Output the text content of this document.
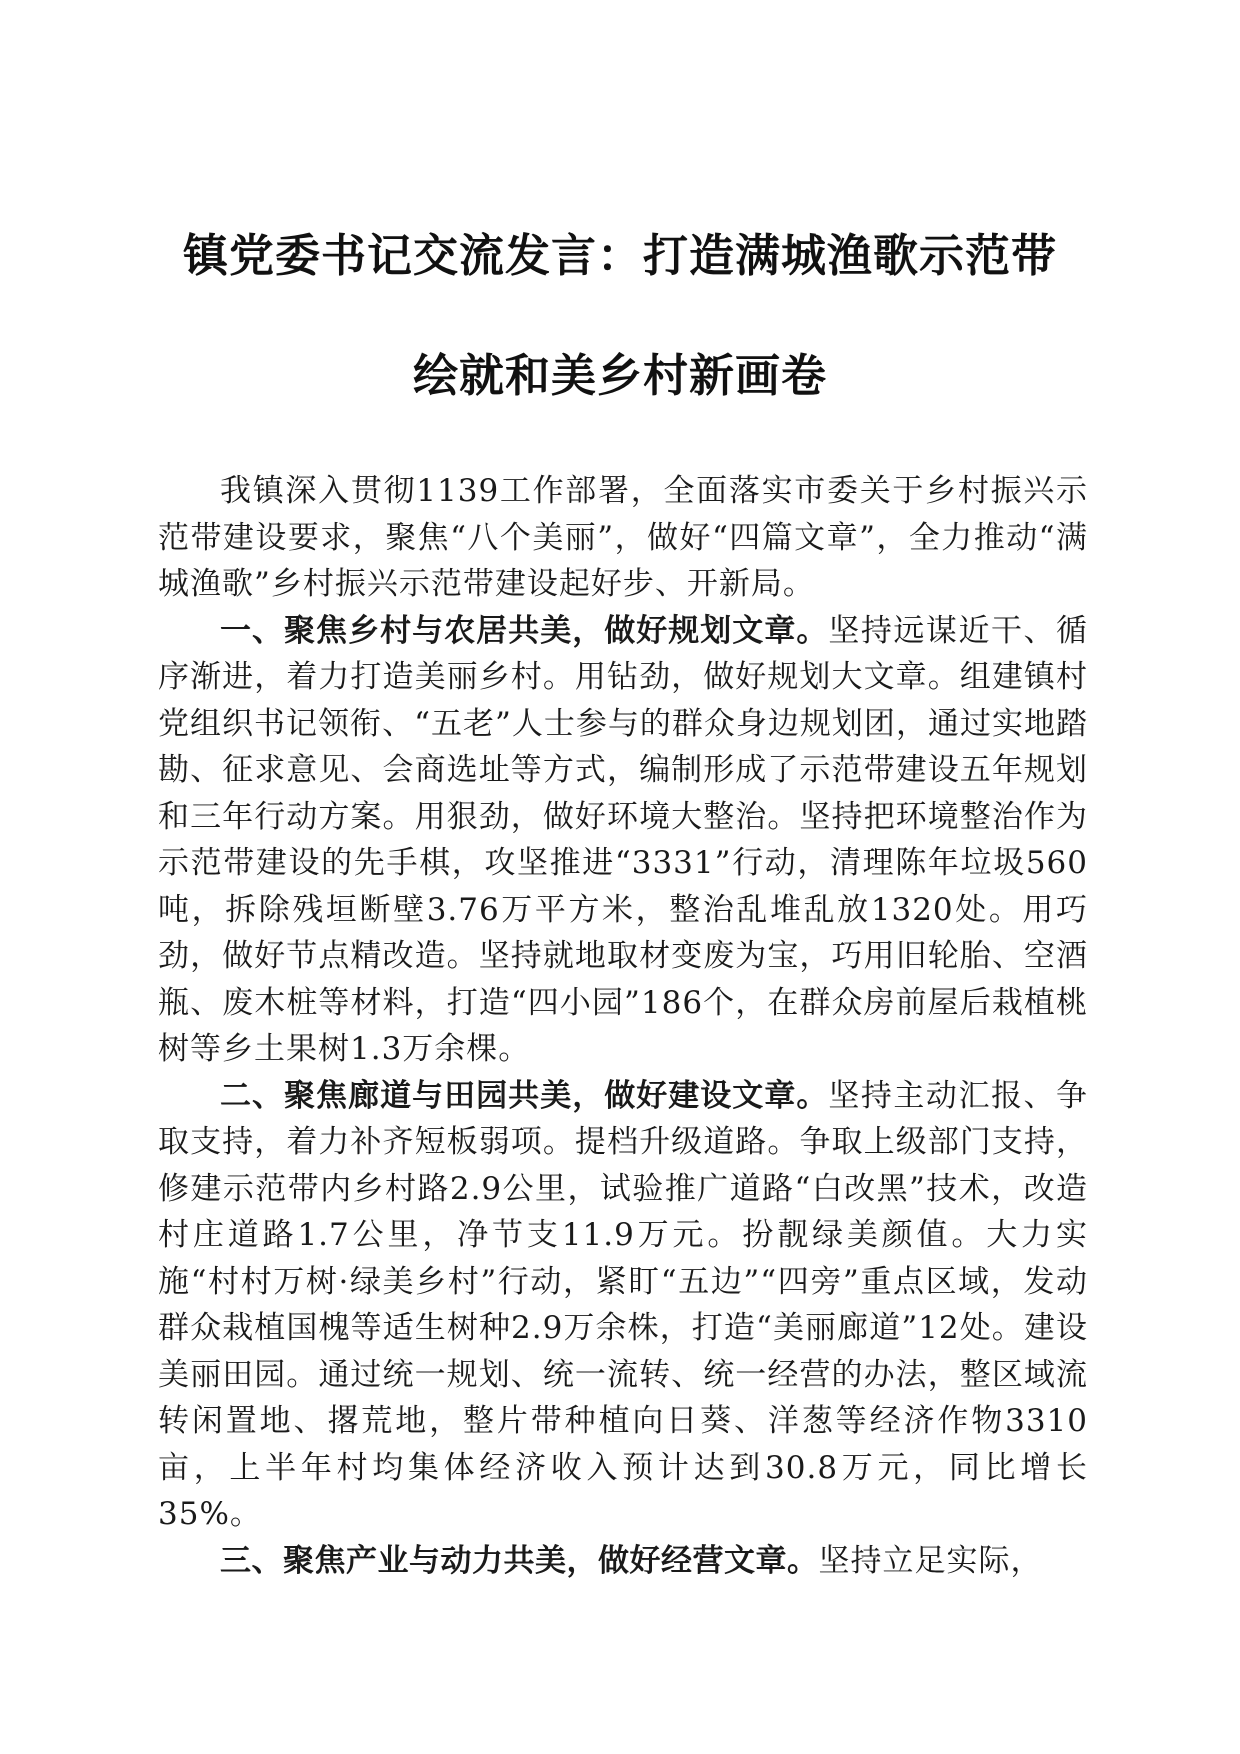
镇党委书记交流发言：打造满城渔歌示范带
绘就和美乡村新画卷

我镇深入贯彻1139工作部署，全面落实市委关于乡村振兴示范带建设要求，聚焦“八个美丽”，做好“四篇文章”，全力推动“满城渔歌”乡村振兴示范带建设起好步、开新局。

一、聚焦乡村与农居共美，做好规划文章。坚持远谋近干、循序渐进，着力打造美丽乡村。用钻劲，做好规划大文章。组建镇村党组织书记领衔、“五老”人士参与的群众身边规划团，通过实地踏勘、征求意见、会商选址等方式，编制形成了示范带建设五年规划和三年行动方案。用狠劲，做好环境大整治。坚持把环境整治作为示范带建设的先手棋，攻坚推进“3331”行动，清理陈年垃圾560吨，拆除残垣断壁3.76万平方米，整治乱堆乱放1320处。用巧劲，做好节点精改造。坚持就地取材变废为宝，巧用旧轮胎、空酒瓶、废木桩等材料，打造“四小园”186个，在群众房前屋后栽植桃树等乡土果树1.3万余棵。

二、聚焦廊道与田园共美，做好建设文章。坚持主动汇报、争取支持，着力补齐短板弱项。提档升级道路。争取上级部门支持，修建示范带内乡村路2.9公里，试验推广道路“白改黑”技术，改造村庄道路1.7公里，净节支11.9万元。扮靓绿美颜值。大力实施“村村万树·绿美乡村”行动，紧盯“五边”“四旁”重点区域，发动群众栽植国槐等适生树种2.9万余株，打造“美丽廊道”12处。建设美丽田园。通过统一规划、统一流转、统一经营的办法，整区域流转闲置地、撂荒地，整片带种植向日葵、洋葱等经济作物3310亩，上半年村均集体经济收入预计达到30.8万元，同比增长35%。

三、聚焦产业与动力共美，做好经营文章。坚持立足实际，
